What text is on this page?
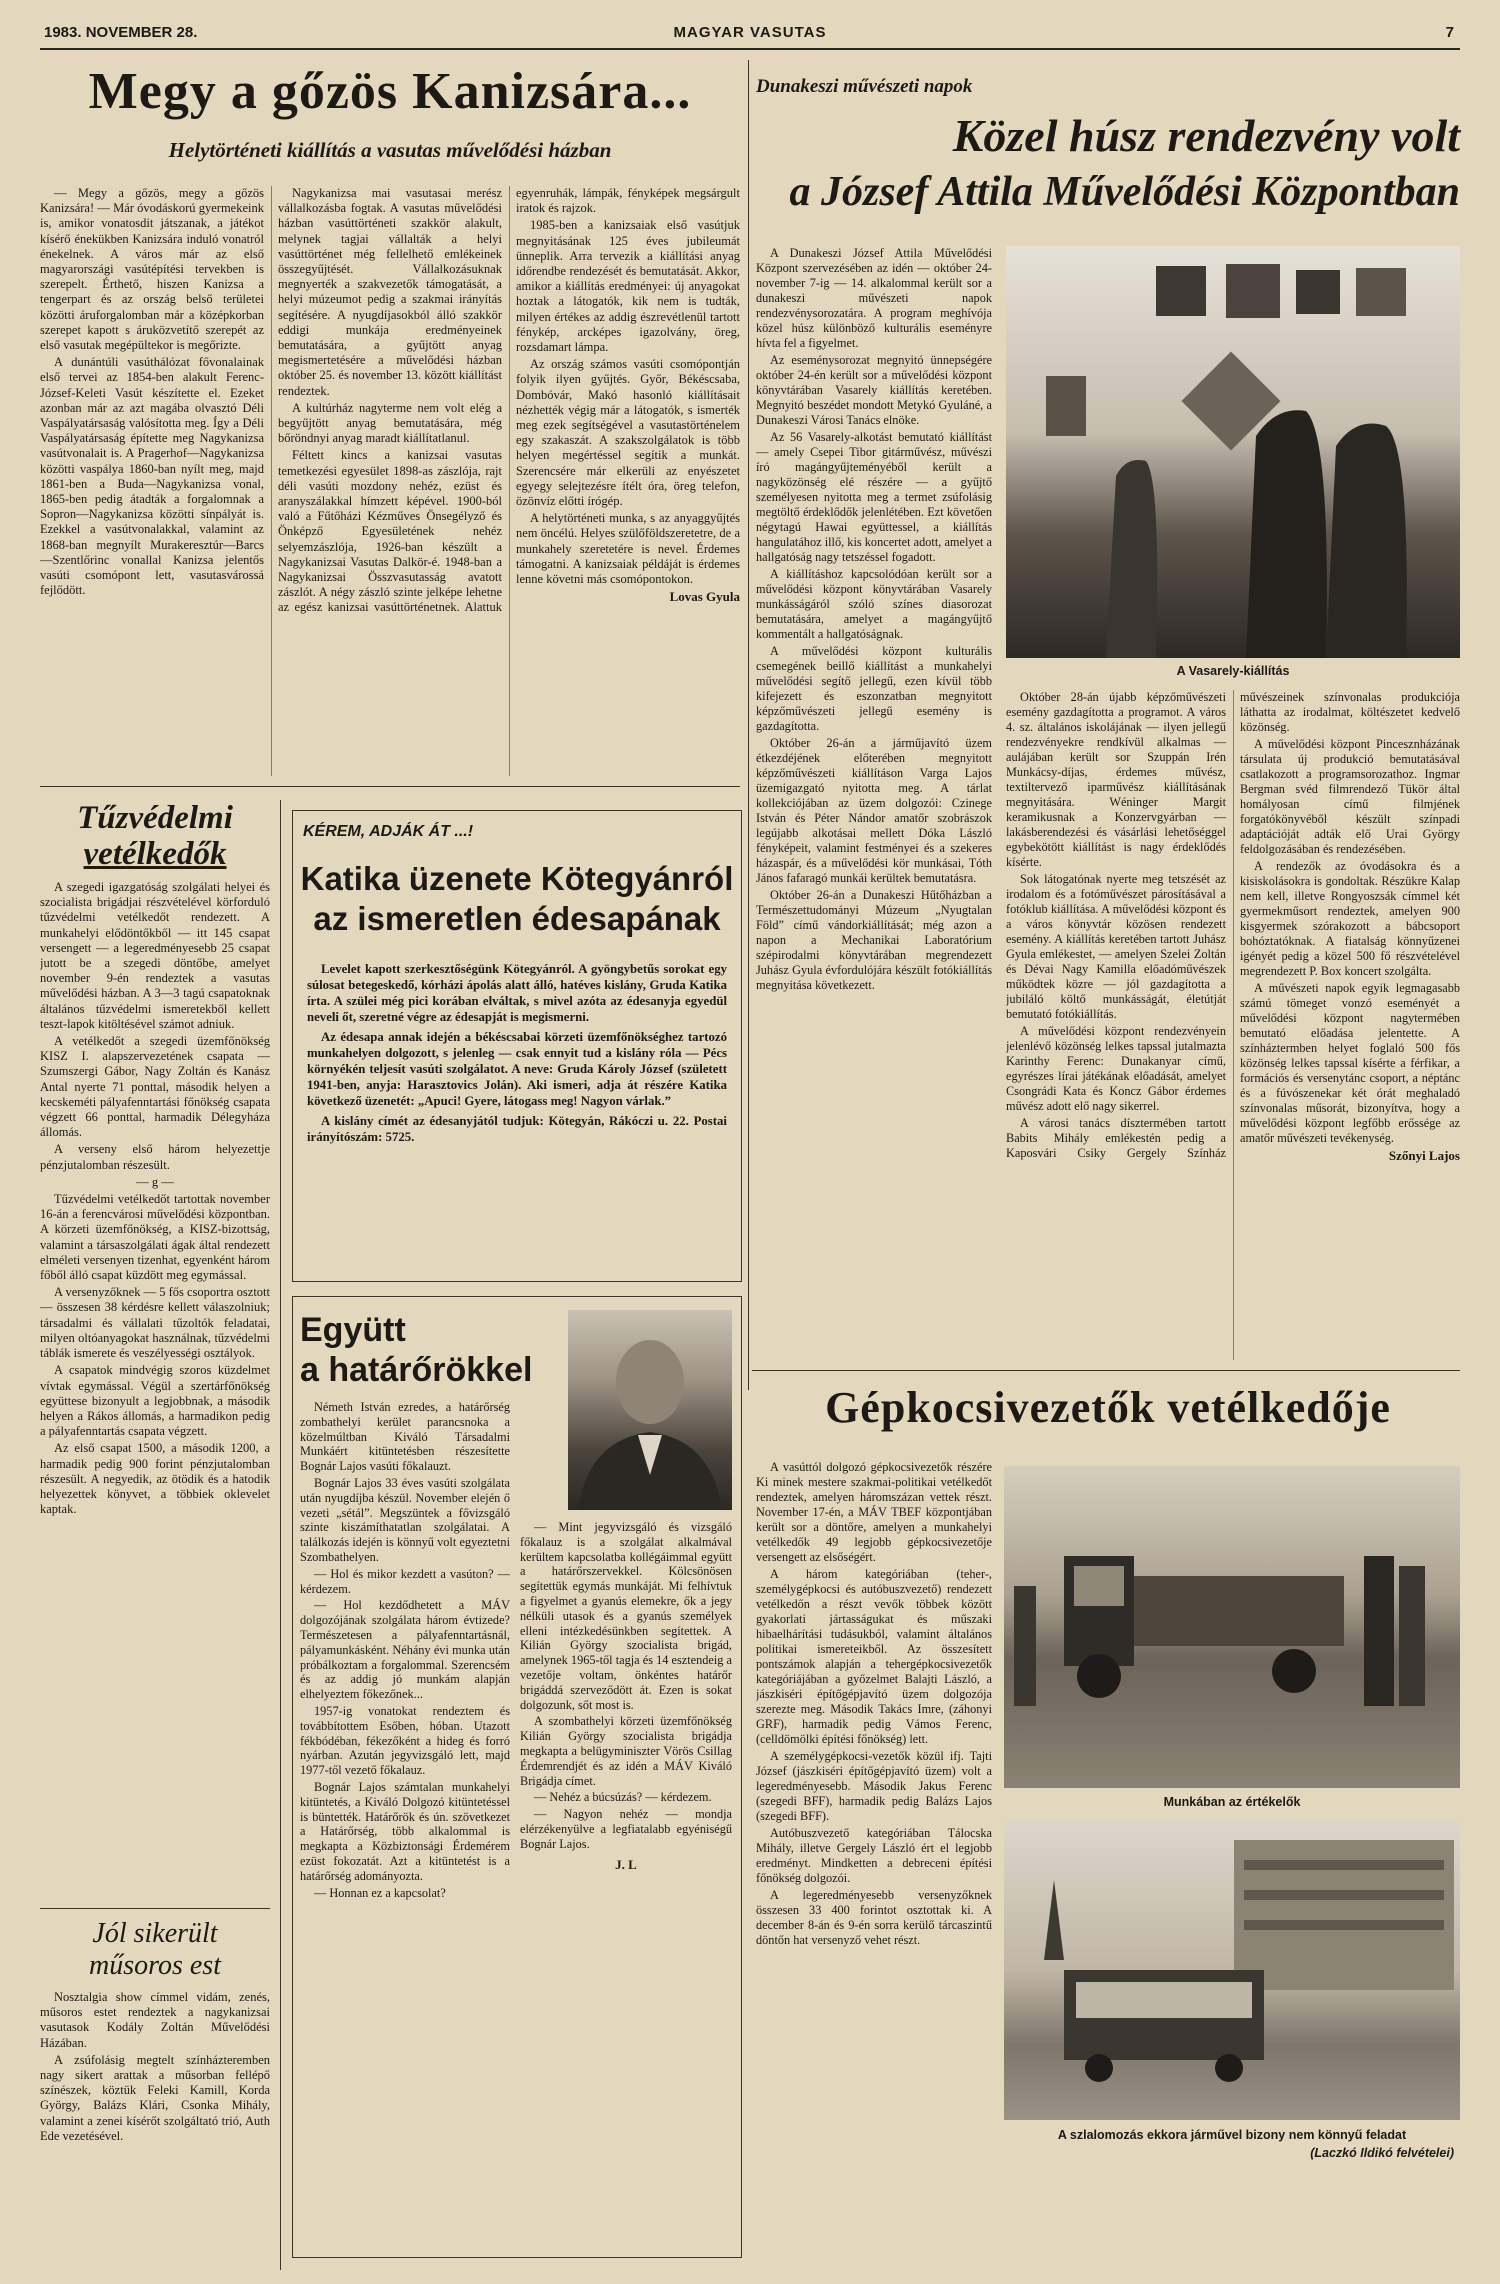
1983. NOVEMBER 28.	MAGYAR VASUTAS	7
Megy a gőzös Kanizsára...
Helytörténeti kiállítás a vasutas művelődési házban

— Megy a gőzös, megy a gőzös Kanizsára! — Már óvodáskorú gyermekeink is, amikor vonatosdit játszanak, a játékot kísérő énekükben Kanizsára induló vonatról énekelnek. A város már az első magyarországi vasútépítési tervekben is szerepelt. Érthető, hiszen Kanizsa a tengerpart és az ország belső területei közötti áruforgalomban már a középkorban szerepet kapott s áruközvetítő szerepét az első vasutak megépültekor is megőrizte.

A dunántúli vasúthálózat fővonalainak első tervei az 1854-ben alakult Ferenc-József-Keleti Vasút készítette el. Ezeket azonban már az azt magába olvasztó Déli Vaspályatársaság valósította meg. Így a Déli Vaspályatársaság építette meg Nagykanizsa vasútvonalait is. A Pragerhof—Nagykanizsa közötti vaspálya 1860-ban nyílt meg, majd 1861-ben a Buda—Nagykanizsa vonal, 1865-ben pedig átadták a forgalomnak a Sopron—Nagykanizsa közötti sínpályát is. Ezekkel a vasútvonalakkal, valamint az 1868-ban megnyílt Murakeresztúr—Barcs—Szentlőrinc vonallal Kanizsa jelentős vasúti csomópont lett, vasutasvárossá fejlődött.

Nagykanizsa mai vasutasai merész vállalkozásba fogtak. A vasutas művelődési házban vasúttörténeti szakkör alakult, melynek tagjai vállalták a helyi vasúttörténet még fellelhető emlékeinek összegyűjtését. Vállalkozásuknak megnyerték a szakvezetők támogatását, a helyi múzeumot pedig a szakmai irányítás segítésére. A nyugdíjasokból álló szakkör eddigi munkája eredményeinek bemutatására, a gyűjtött anyag megismertetésére a művelődési házban október 25. és november 13. között kiállítást rendeztek.

A kultúrház nagyterme nem volt elég a begyűjtött anyag bemutatására, még bőröndnyi anyag maradt kiállítatlanul.

Féltett kincs a kanizsai vasutas temetkezési egyesület 1898-as zászlója, rajt déli vasúti mozdony nehéz, ezüst és aranyszálakkal hímzett képével. 1900-ból való a Fűtőházi Kézműves Önsegélyző és Önképző Egyesületének nehéz selyemzászlója, 1926-ban készült a Nagykanizsai Vasutas Dalkör-é. 1948-ban a Nagykanizsai Összvasutasság avatott zászlót. A négy zászló szinte jelképe lehetne az egész kanizsai vasúttörténetnek. Alattuk egyenruhák, lámpák, fényképek megsárgult iratok és rajzok.

1985-ben a kanizsaiak első vasútjuk megnyitásának 125 éves jubileumát ünneplik. Arra tervezik a kiállítási anyag időrendbe rendezését és bemutatását. Akkor, amikor a kiállítás eredményei: új anyagokat hoztak a látogatók, kik nem is tudták, milyen értékes az addig észrevétlenül tartott fénykép, arcképes igazolvány, öreg, rozsdamart lámpa.

Az ország számos vasúti csomópontján folyik ilyen gyűjtés. Győr, Békéscsaba, Dombóvár, Makó hasonló kiállításait nézhették végig már a látogatók, s ismerték meg ezek segítségével a vasutastörténelem egy szakaszát. A szakszolgálatok is több helyen megértéssel segítik a munkát. Szerencsére már elkerüli az enyészetet egyegy selejtezésre ítélt óra, öreg telefon, özönvíz előtti írógép.

A helytörténeti munka, s az anyaggyűjtés nem öncélú. Helyes szülőföldszeretetre, de a munkahely szeretetére is nevel. Érdemes támogatni. A kanizsaiak példáját is érdemes lenne követni más csomópontokon.

Lovas Gyula
Tűzvédelmi
vetélkedők

A szegedi igazgatóság szolgálati helyei és szocialista brigádjai részvételével körforduló tűzvédelmi vetélkedőt rendezett. A munkahelyi elődöntőkből — itt 145 csapat versengett — a legeredményesebb 25 csapat jutott be a szegedi döntőbe, amelyet november 9-én rendeztek a vasutas művelődési házban. A 3—3 tagú csapatoknak általános tűzvédelmi ismeretekből kellett teszt-lapok kitöltésével számot adniuk.

A vetélkedőt a szegedi üzemfőnökség KISZ I. alapszervezetének csapata — Szumszergi Gábor, Nagy Zoltán és Kanász Antal nyerte 71 ponttal, második helyen a kecskeméti pályafenntartási főnökség csapata végzett 66 ponttal, harmadik Délegyháza állomás.

A verseny első három helyezettje pénzjutalomban részesült.

— g —

Tűzvédelmi vetélkedőt tartottak november 16-án a ferencvárosi művelődési központban. A körzeti üzemfőnökség, a KISZ-bizottság, valamint a társaszolgálati ágak által rendezett elméleti versenyen tizenhat, egyenként három főből álló csapat küzdött meg egymással.

A versenyzőknek — 5 fős csoportra osztott — összesen 38 kérdésre kellett válaszolniuk; társadalmi és vállalati tűzoltók feladatai, milyen oltóanyagokat használnak, tűzvédelmi táblák ismerete és veszélyességi osztályok.

A csapatok mindvégig szoros küzdelmet vívtak egymással. Végül a szertárfőnökség együttese bizonyult a legjobbnak, a második helyen a Rákos állomás, a harmadikon pedig a pályafenntartás csapata végzett.

Az első csapat 1500, a második 1200, a harmadik pedig 900 forint pénzjutalomban részesült. A negyedik, az ötödik és a hatodik helyezettek könyvet, a többiek oklevelet kaptak.

Jól sikerült
műsoros est

Nosztalgia show címmel vidám, zenés, műsoros estet rendeztek a nagykanizsai vasutasok Kodály Zoltán Művelődési Házában.

A zsúfolásig megtelt színházteremben nagy sikert arattak a műsorban fellépő színészek, köztük Feleki Kamill, Korda György, Balázs Klári, Csonka Mihály, valamint a zenei kísérőt szolgáltató trió, Auth Ede vezetésével.

KÉREM, ADJÁK ÁT ...!
Katika üzenete Kötegyánról
az ismeretlen édesapának

Levelet kapott szerkesztőségünk Kötegyánról. A gyöngybetűs sorokat egy súlosat betegeskedő, kórházi ápolás alatt álló, hatéves kislány, Gruda Katika írta. A szülei még pici korában elváltak, s mivel azóta az édesanyja egyedül neveli őt, szeretné végre az édesapját is megismerni.

Az édesapa annak idején a békéscsabai körzeti üzemfőnökséghez tartozó munkahelyen dolgozott, s jelenleg — csak ennyit tud a kislány róla — Pécs környékén teljesít vasúti szolgálatot. A neve: Gruda Károly József (született 1941-ben, anyja: Harasztovics Jolán). Aki ismeri, adja át részére Katika következő üzenetét: „Apuci! Gyere, látogass meg! Nagyon várlak.”

A kislány címét az édesanyjától tudjuk: Kötegyán, Rákóczi u. 22. Postai irányítószám: 5725.

Együtt
a határőrökkel

Németh István ezredes, a határőrség zombathelyi kerület parancsnoka a közelmúltban Kiváló Társadalmi Munkáért kitüntetésben részesítette Bognár Lajos vasúti főkalauzt.

Bognár Lajos 33 éves vasúti szolgálata után nyugdíjba készül. November elején ő vezeti „sétál”. Megszüntek a fővizsgáló szinte kiszámíthatatlan szolgálatai. A találkozás idején is könnyű volt egyeztetni Szombathelyen.

— Hol és mikor kezdett a vasúton? — kérdezem.

— Hol kezdődhetett a MÁV dolgozójának szolgálata három évtizede? Természetesen a pályafenntartásnál, pályamunkásként. Néhány évi munka után próbálkoztam a forgalommal. Szerencsém és az addig jó munkám alapján elhelyeztem főkezőnek...

1957-ig vonatokat rendeztem és továbbítottem Esőben, hóban. Utazott fékbódéban, fékezőként a hideg és forró nyárban. Azután jegyvizsgáló lett, majd 1977-től vezető főkalauz.

Bognár Lajos számtalan munkahelyi kitüntetés, a Kiváló Dolgozó kitüntetéssel is büntették. Határőrök és ún. szövetkezet a Határőrség, több alkalommal is megkapta a Közbiztonsági Érdemérem ezüst fokozatát. Azt a kitüntetést is a határőrség adományozta.

— Honnan ez a kapcsolat?

— Mint jegyvizsgáló és vizsgáló főkalauz is a szolgálat alkalmával kerültem kapcsolatba kollégáimmal együtt a határőrszervekkel. Kölcsönösen segítettük egymás munkáját. Mi felhívtuk a figyelmet a gyanús elemekre, ők a jegy nélküli utasok és a gyanús személyek elleni intézkedésünkben segítettek. A Kilián György szocialista brigád, amelynek 1965-től tagja és 14 esztendeig a vezetője voltam, önkéntes határőr brigáddá szerveződött át. Ezen is sokat dolgozunk, sőt most is.

A szombathelyi körzeti üzemfőnökség Kilián György szocialista brigádja megkapta a belügyminiszter Vörös Csillag Érdemrendjét és az idén a MÁV Kiváló Brigádja címet.

— Nehéz a búcsúzás? — kérdezem.

— Nagyon nehéz — mondja elérzékenyülve a legfiatalabb egyéniségű Bognár Lajos.

J. L
Dunakeszi művészeti napok
Közel húsz rendezvény volt
a József Attila Művelődési Központban
A Vasarely-kiállítás

A Dunakeszi József Attila Művelődési Központ szervezésében az idén — október 24-november 7-ig — 14. alkalommal került sor a dunakeszi művészeti napok rendezvénysorozatára. A program meghívója közel húsz különböző kulturális eseményre hívta fel a figyelmet.

Az eseménysorozat megnyitó ünnepségére október 24-én került sor a művelődési központ könyvtárában Vasarely kiállítás keretében. Megnyitó beszédet mondott Metykó Gyuláné, a Dunakeszi Városi Tanács elnöke.

Az 56 Vasarely-alkotást bemutató kiállítást — amely Csepei Tibor gitárművész, művészi író magángyűjteményéből került a nagyközönség elé részére — a gyűjtő személyesen nyitotta meg a termet zsúfolásig megtöltő érdeklődők jelenlétében. Ezt követően négytagú Hawai együttessel, a kiállítás hangulatához illő, kis koncertet adott, amelyet a hallgatóság nagy tetszéssel fogadott.

A kiállításhoz kapcsolódóan került sor a művelődési központ könyvtárában Vasarely munkásságáról szóló színes diasorozat bemutatására, amelyet a magángyűjtő kommentált a hallgatóságnak.

A művelődési központ kulturális csemegének beillő kiállítást a munkahelyi művelődési segítő jellegű, ezen kívül több kifejezett és eszonzatban megnyitott képzőművészeti jellegű esemény is gazdagította.

Október 26-án a járműjavító üzem étkezdéjének előterében megnyitott képzőművészeti kiállításon Varga Lajos üzemigazgató nyitotta meg. A tárlat kollekciójában az üzem dolgozói: Czinege István és Péter Nándor amatőr szobrászok legújabb alkotásai mellett Dóka László fényképeit, valamint festményei és a szekeres házaspár, és a művelődési kör munkásai, Tóth János fafaragó munkái kerültek bemutatásra.

Október 26-án a Dunakeszi Hűtőházban a Természettudományi Múzeum „Nyugtalan Föld” című vándorkiállítását; még azon a napon a Mechanikai Laboratórium szépirodalmi könyvtárában megrendezett Juhász Gyula évfordulójára készült fotókiállítás megnyitása következett.

Október 28-án újabb képzőművészeti esemény gazdagította a programot. A város 4. sz. általános iskolájának — ilyen jellegű rendezvényekre rendkívül alkalmas — aulájában került sor Szuppán Irén Munkácsy-díjas, érdemes művész, textiltervező iparművész kiállításának megnyitására. Wéninger Margit keramikusnak a Konzervgyárban — lakásberendezési és vásárlási lehetőséggel egybekötött kiállítást is nagy érdeklődés kísérte.

Sok látogatónak nyerte meg tetszését az irodalom és a fotóművészet párosításával a fotóklub kiállítása. A művelődési központ és a város könyvtár közösen rendezett esemény. A kiállítás keretében tartott Juhász Gyula emlékestet, — amelyen Szelei Zoltán és Dévai Nagy Kamilla előadóművészek működtek közre — jól gazdagította a jubiláló költő munkásságát, életútját bemutató fotókiállítás.

A művelődési központ rendezvényein jelenlévő közönség lelkes tapssal jutalmazta Karinthy Ferenc: Dunakanyar című, egyrészes lírai játékának előadását, amelyet Csongrádi Kata és Koncz Gábor érdemes művész adott elő nagy sikerrel.

A városi tanács dísztermében tartott Babits Mihály emlékestén pedig a Kaposvári Csiky Gergely Színház művészeinek színvonalas produkciója láthatta az irodalmat, költészetet kedvelő közönség.

A művelődési központ Pincesznházának társulata új produkció bemutatásával csatlakozott a programsorozathoz. Ingmar Bergman svéd filmrendező Tükör által homályosan című filmjének forgatókönyvéből készült színpadi adaptációját adták elő Urai György feldolgozásában és rendezésében.

A rendezők az óvodásokra és a kisiskolásokra is gondoltak. Részükre Kalap nem kell, illetve Rongyoszsák címmel két gyermekműsort rendeztek, amelyen 900 kisgyermek szórakozott a bábcsoport bohóztatóknak. A fiatalság könnyűzenei igényét pedig a közel 500 fő részvételével megrendezett P. Box koncert szolgálta.

A művészeti napok egyik legmagasabb számú tömeget vonzó eseményét a művelődési központ nagytermében bemutató előadása jelentette. A színháztermben helyet foglaló 500 fős közönség lelkes tapssal kísérte a férfikar, a formációs és versenytánc csoport, a néptánc és a fúvószenekar két órát meghaladó színvonalas műsorát, bizonyítva, hogy a művelődési központ legfőbb erőssége az amatőr művészeti tevékenység.

Szőnyi Lajos
Gépkocsivezetők vetélkedője

A vasúttól dolgozó gépkocsivezetők részére Ki minek mestere szakmai-politikai vetélkedőt rendeztek, amelyen háromszázan vettek részt. November 17-én, a MÁV TBEF központjában került sor a döntőre, amelyen a munkahelyi vetélkedők 49 legjobb gépkocsivezetője versengett az elsőségért.

A három kategóriában (teher-, személygépkocsi és autóbuszvezető) rendezett vetélkedőn a részt vevők többek között gyakorlati jártasságukat és műszaki hibaelhárítási tudásukból, valamint általános politikai ismereteikből. Az összesített pontszámok alapján a tehergépkocsivezetők kategóriájában a győzelmet Balajti László, a jászkiséri építőgépjavító üzem dolgozója szerezte meg. Második Takács Imre, (záhonyi GRF), harmadik pedig Vámos Ferenc, (celldömölki építési főnökség) lett.

A személygépkocsi-vezetők közül ifj. Tajti József (jászkiséri építőgépjavító üzem) volt a legeredményesebb. Második Jakus Ferenc (szegedi BFF), harmadik pedig Balázs Lajos (szegedi BFF).

Autóbuszvezető kategóriában Tálocska Mihály, illetve Gergely László ért el legjobb eredményt. Mindketten a debreceni építési főnökség dolgozói.

A legeredményesebb versenyzőknek összesen 33 400 forintot osztottak ki. A december 8-án és 9-én sorra kerülő tárcaszintű döntőn hat versenyző vehet részt.

Munkában az értékelők
A szlalomozás ekkora járművel bizony nem könnyű feladat
(Laczkó Ildikó felvételei)
